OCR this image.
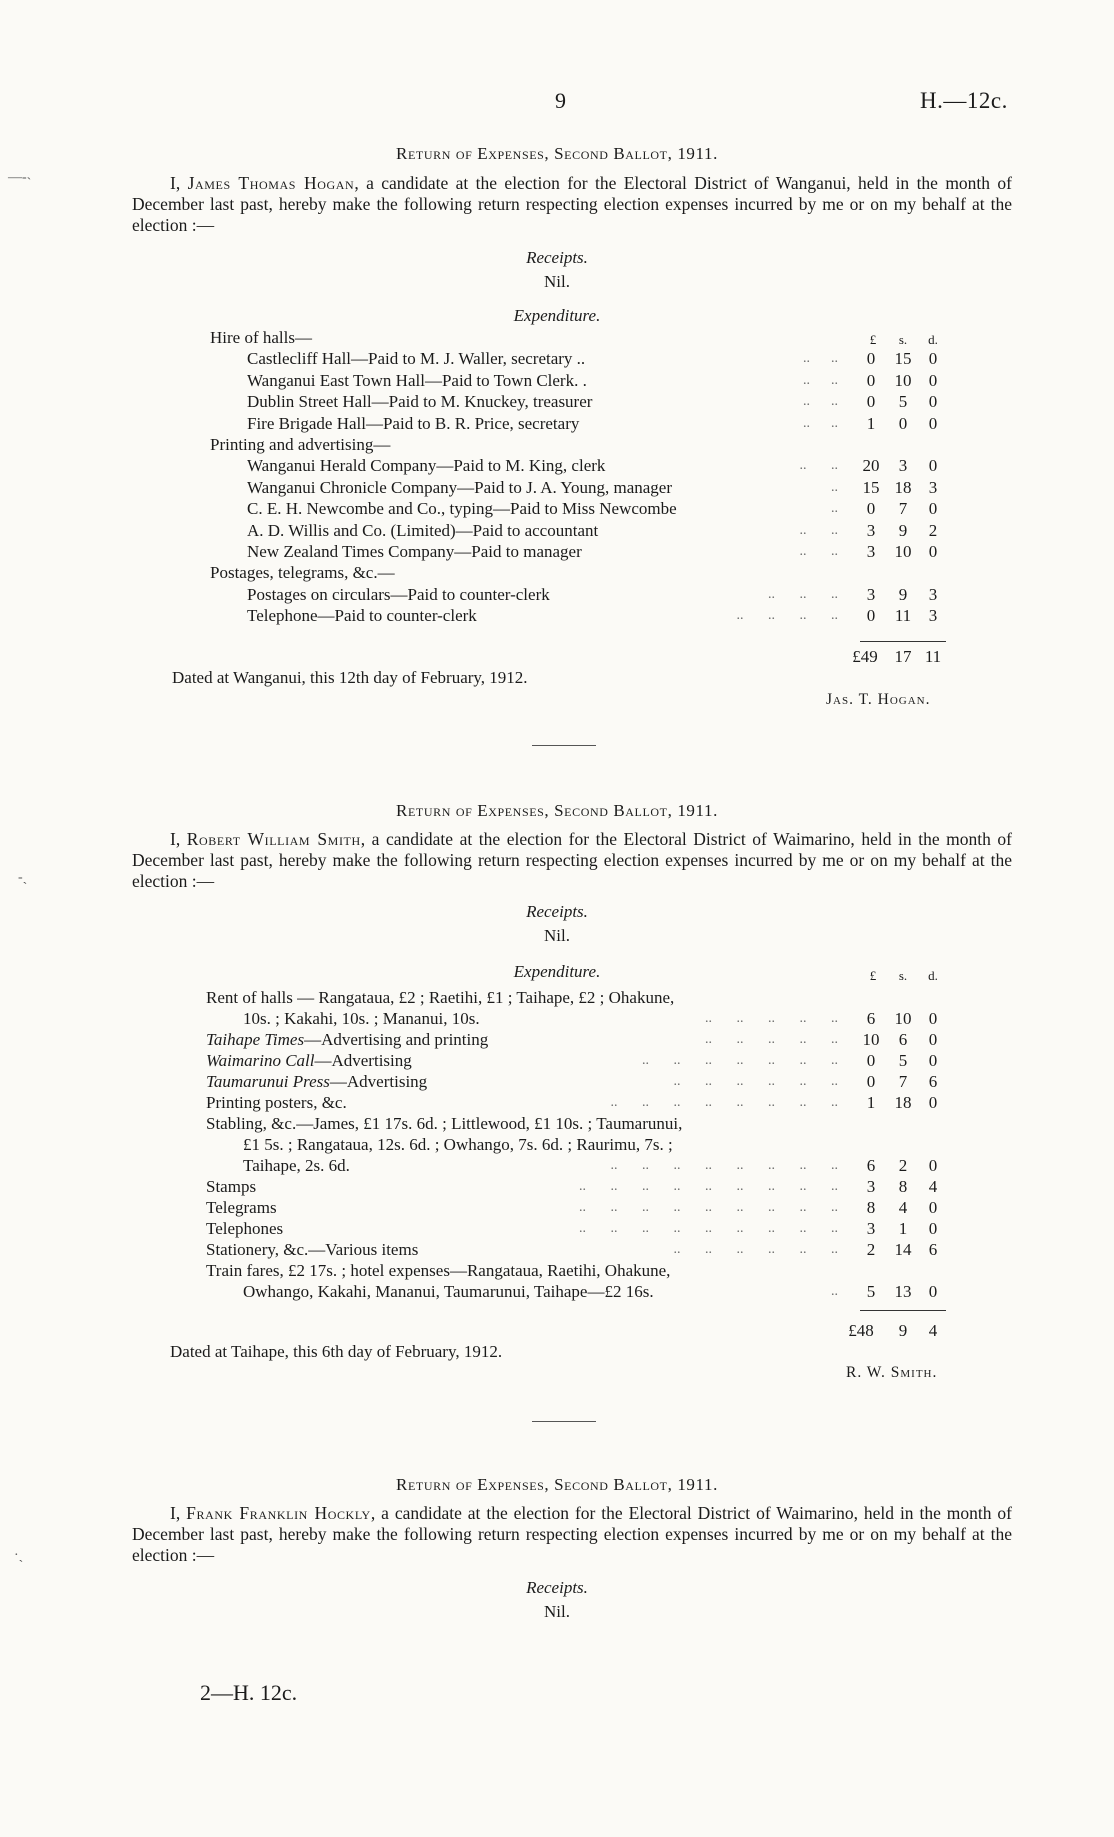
9	H.—12c.
—‐˴
‐ˎ
·ˎ
Return of Expenses, Second Ballot, 1911.
I, James Thomas Hogan, a candidate at the election for the Electoral District of Wanganui, held in the month of December last past, hereby make the following return respecting election expenses incurred by me or on my behalf at the election :—
Receipts.
Nil.
Expenditure.
£	s.	d.
Hire of halls—
Castlecliff Hall—Paid to M. J. Waller, secretary ..	..      ..	0	15	0
Wanganui East Town Hall—Paid to Town Clerk. .	..      ..	0	10	0
Dublin Street Hall—Paid to M. Knuckey, treasurer	..      ..	0	5	0
Fire Brigade Hall—Paid to B. R. Price, secretary	..      ..	1	0	0
Printing and advertising—
Wanganui Herald Company—Paid to M. King, clerk	..       ..	20	3	0
Wanganui Chronicle Company—Paid to J. A. Young, manager	..	15 18	3
C. E. H. Newcombe and Co., typing—Paid to Miss Newcombe	..	0	7	0
A. D. Willis and Co. (Limited)—Paid to accountant	..       ..	3	9	2
New Zealand Times Company—Paid to manager	..       ..	3	10	0
Postages, telegrams, &c.—
Postages on circulars—Paid to counter-clerk	..       ..       ..	3	9	3
Telephone—Paid to counter-clerk	..       ..       ..       ..	0	11	3
£49 17 11
Dated at Wanganui, this 12th day of February, 1912.
Jas. T. Hogan.
Return of Expenses, Second Ballot, 1911.
I, Robert William Smith, a candidate at the election for the Electoral District of Waimarino, held in the month of December last past, hereby make the following return respecting election expenses incurred by me or on my behalf at the election :—
Receipts.
Nil.
Expenditure.	£	s.	d.
Rent of halls — Rangataua, £2 ; Raetihi, £1 ; Taihape, £2 ; Ohakune,
10s. ; Kakahi, 10s. ; Mananui, 10s.	..       ..       ..       ..       ..	6	10	0
Taihape Times—Advertising and printing	..       ..       ..       ..       ..	10	6	0
Waimarino Call—Advertising	..       ..       ..       ..       ..       ..       ..	0	5	0
Taumarunui Press—Advertising	..       ..       ..       ..       ..       ..	0	7	6
Printing posters, &c.	..       ..       ..       ..       ..       ..       ..       ..	1	18	0
Stabling, &c.—James, £1 17s. 6d. ; Littlewood, £1 10s. ; Taumarunui,
£1 5s. ; Rangataua, 12s. 6d. ; Owhango, 7s. 6d. ; Raurimu, 7s. ;
Taihape, 2s. 6d.	..       ..       ..       ..       ..       ..       ..       ..	6	2	0
Stamps	..       ..       ..       ..       ..       ..       ..       ..       ..	3	8	4
Telegrams	..       ..       ..       ..       ..       ..       ..       ..       ..	8	4	0
Telephones	..       ..       ..       ..       ..       ..       ..       ..       ..	3	1	0
Stationery, &c.—Various items	..       ..       ..       ..       ..       ..	2	14	6
Train fares, £2 17s. ; hotel expenses—Rangataua, Raetihi, Ohakune,
Owhango, Kakahi, Mananui, Taumarunui, Taihape—£2 16s.	..	5	13	0
£48	9	4
Dated at Taihape, this 6th day of February, 1912.
R. W. Smith.
Return of Expenses, Second Ballot, 1911.
I, Frank Franklin Hockly, a candidate at the election for the Electoral District of Waimarino, held in the month of December last past, hereby make the following return respecting election expenses incurred by me or on my behalf at the election :—
Receipts.
Nil.
2—H. 12c.
